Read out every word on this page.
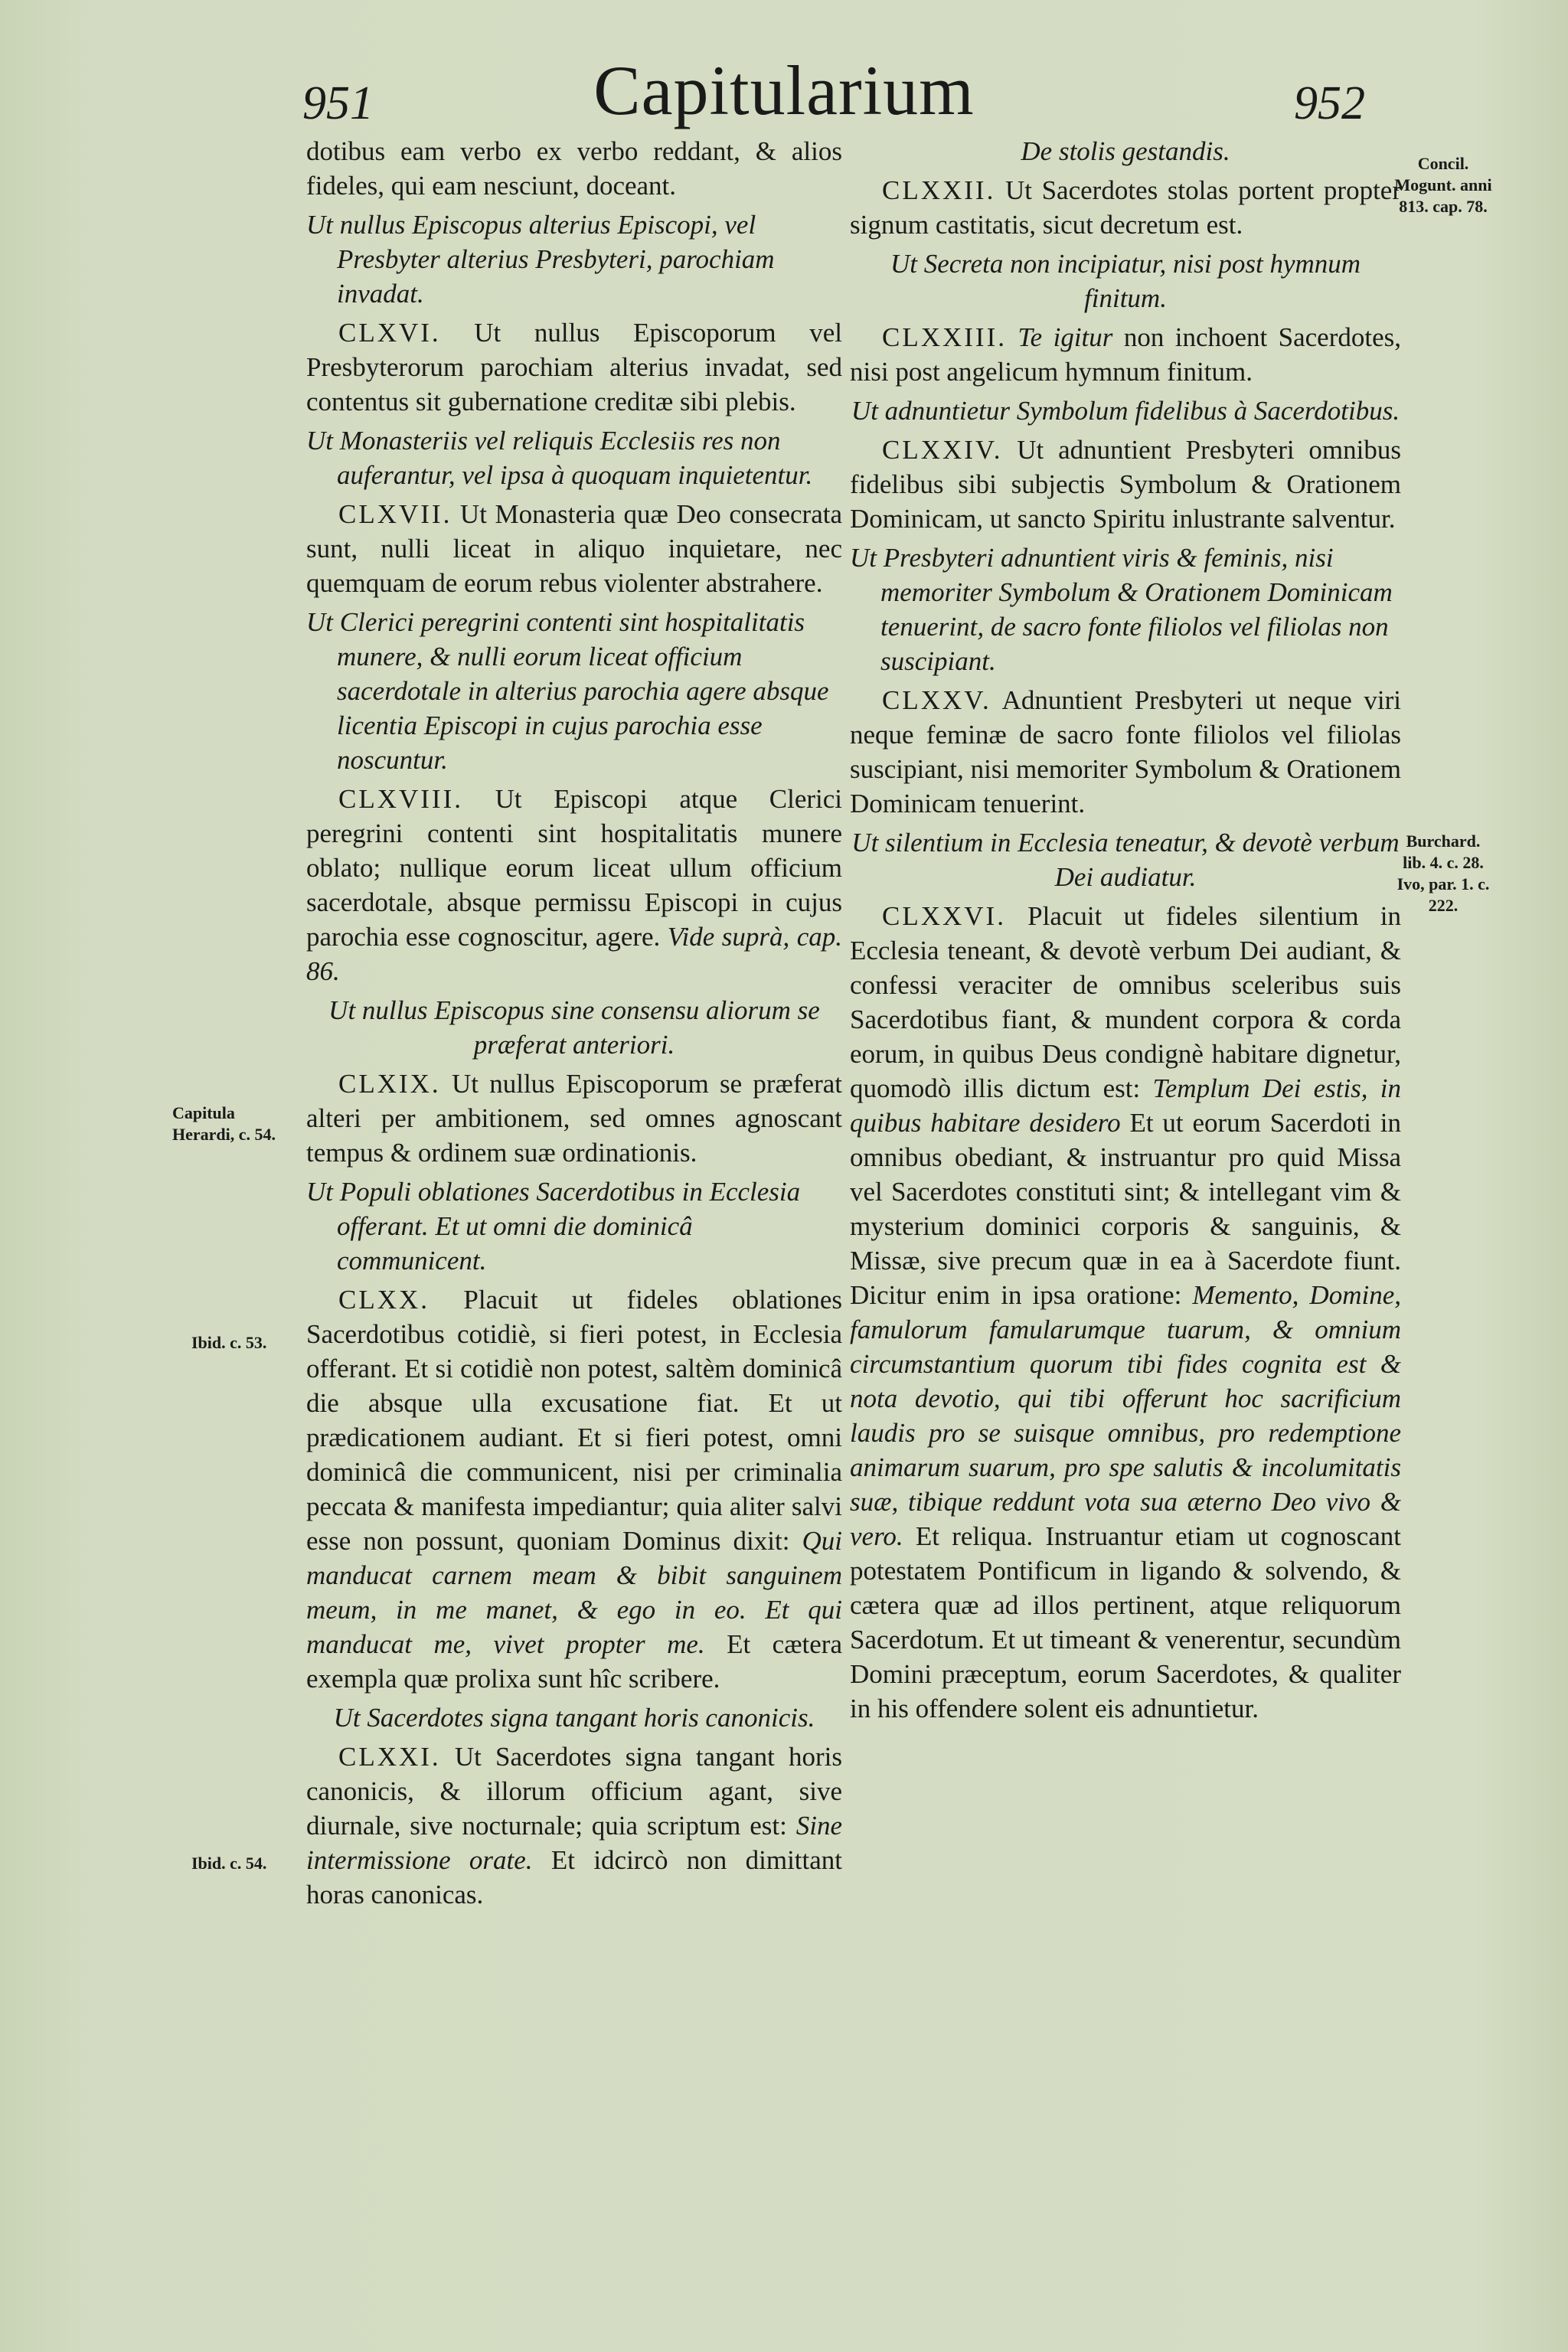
951	Capitularium	952

dotibus eam verbo ex verbo reddant, & alios fideles, qui eam nesciunt, doceant.

Ut nullus Episcopus alterius Episcopi, vel Presbyter alterius Presbyteri, parochiam invadat.

CLXVI. Ut nullus Episcoporum vel Presbyterorum parochiam alterius invadat, sed contentus sit gubernatione creditæ sibi plebis.

Ut Monasteriis vel reliquis Ecclesiis res non auferantur, vel ipsa à quoquam inquietentur.

CLXVII. Ut Monasteria quæ Deo consecrata sunt, nulli liceat in aliquo inquietare, nec quemquam de eorum rebus violenter abstrahere.

Ut Clerici peregrini contenti sint hospitalitatis munere, & nulli eorum liceat officium sacerdotale in alterius parochia agere absque licentia Episcopi in cujus parochia esse noscuntur.

CLXVIII. Ut Episcopi atque Clerici peregrini contenti sint hospitalitatis munere oblato; nullique eorum liceat ullum officium sacerdotale, absque permissu Episcopi in cujus parochia esse cognoscitur, agere. Vide suprà, cap. 86.

Ut nullus Episcopus sine consensu aliorum se præferat anteriori.

CLXIX. Ut nullus Episcoporum se præferat alteri per ambitionem, sed omnes agnoscant tempus & ordinem suæ ordinationis.

Ut Populi oblationes Sacerdotibus in Ecclesia offerant. Et ut omni die dominicâ communicent.

CLXX. Placuit ut fideles oblationes Sacerdotibus cotidiè, si fieri potest, in Ecclesia offerant. Et si cotidiè non potest, saltèm dominicâ die absque ulla excusatione fiat. Et ut prædicationem audiant. Et si fieri potest, omni dominicâ die communicent, nisi per criminalia peccata & manifesta impediantur; quia aliter salvi esse non possunt, quoniam Dominus dixit: Qui manducat carnem meam & bibit sanguinem meum, in me manet, & ego in eo. Et qui manducat me, vivet propter me. Et cætera exempla quæ prolixa sunt hîc scribere.

Ut Sacerdotes signa tangant horis canonicis.

CLXXI. Ut Sacerdotes signa tangant horis canonicis, & illorum officium agant, sive diurnale, sive nocturnale; quia scriptum est: Sine intermissione orate. Et idcircò non dimittant horas canonicas.

De stolis gestandis.

CLXXII. Ut Sacerdotes stolas portent propter signum castitatis, sicut decretum est.

Ut Secreta non incipiatur, nisi post hymnum finitum.

CLXXIII. Te igitur non inchoent Sacerdotes, nisi post angelicum hymnum finitum.

Ut adnuntietur Symbolum fidelibus à Sacerdotibus.

CLXXIV. Ut adnuntient Presbyteri omnibus fidelibus sibi subjectis Symbolum & Orationem Dominicam, ut sancto Spiritu inlustrante salventur.

Ut Presbyteri adnuntient viris & feminis, nisi memoriter Symbolum & Orationem Dominicam tenuerint, de sacro fonte filiolos vel filiolas non suscipiant.

CLXXV. Adnuntient Presbyteri ut neque viri neque feminæ de sacro fonte filiolos vel filiolas suscipiant, nisi memoriter Symbolum & Orationem Dominicam tenuerint.

Ut silentium in Ecclesia teneatur, & devotè verbum Dei audiatur.

CLXXVI. Placuit ut fideles silentium in Ecclesia teneant, & devotè verbum Dei audiant, & confessi veraciter de omnibus sceleribus suis Sacerdotibus fiant, & mundent corpora & corda eorum, in quibus Deus condignè habitare dignetur, quomodò illis dictum est: Templum Dei estis, in quibus habitare desidero Et ut eorum Sacerdoti in omnibus obediant, & instruantur pro quid Missa vel Sacerdotes constituti sint; & intellegant vim & mysterium dominici corporis & sanguinis, & Missæ, sive precum quæ in ea à Sacerdote fiunt. Dicitur enim in ipsa oratione: Memento, Domine, famulorum famularumque tuarum, & omnium circumstantium quorum tibi fides cognita est & nota devotio, qui tibi offerunt hoc sacrificium laudis pro se suisque omnibus, pro redemptione animarum suarum, pro spe salutis & incolumitatis suæ, tibique reddunt vota sua æterno Deo vivo & vero. Et reliqua. Instruantur etiam ut cognoscant potestatem Pontificum in ligando & solvendo, & cætera quæ ad illos pertinent, atque reliquorum Sacerdotum. Et ut timeant & venerentur, secundùm Domini præceptum, eorum Sacerdotes, & qualiter in his offendere solent eis adnuntietur.

Concil. Mogunt. anni 813. cap. 78.
Burchard. lib. 4. c. 28. Ivo, par. 1. c. 222.
Capitula Herardi, c. 54.
Ibid. c. 53.
Ibid. c. 54.
